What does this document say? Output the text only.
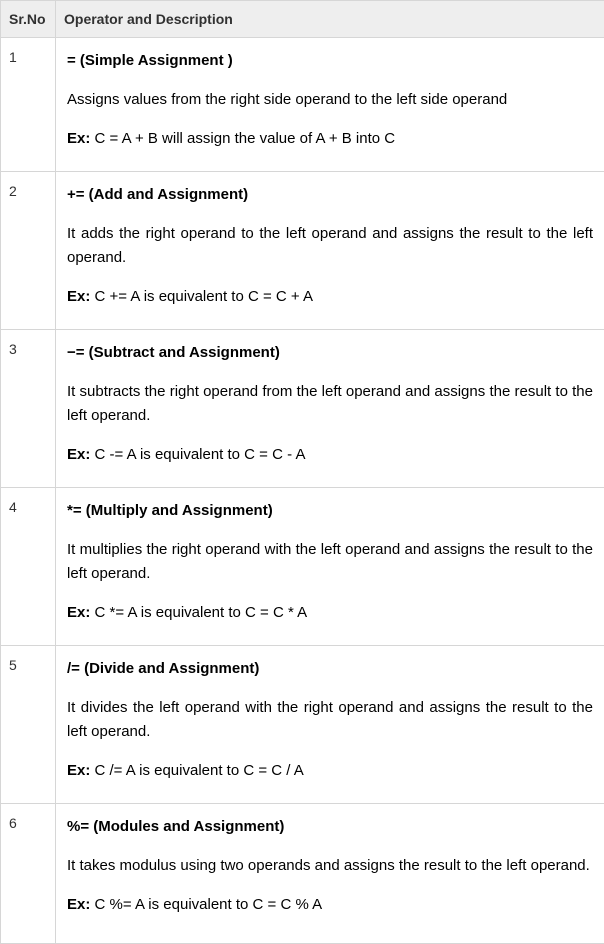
Sr.No	Operator and Description
1	= (Simple Assignment )

Assigns values from the right side operand to the left side operand

Ex: C = A + B will assign the value of A + B into C

2	+= (Add and Assignment)

It adds the right operand to the left operand and assigns the result to the left operand.

Ex: C += A is equivalent to C = C + A

3	−= (Subtract and Assignment)

It subtracts the right operand from the left operand and assigns the result to the left operand.

Ex: C -= A is equivalent to C = C - A

4	*= (Multiply and Assignment)

It multiplies the right operand with the left operand and assigns the result to the left operand.

Ex: C *= A is equivalent to C = C * A

5	/= (Divide and Assignment)

It divides the left operand with the right operand and assigns the result to the left operand.

Ex: C /= A is equivalent to C = C / A

6	%= (Modules and Assignment)

It takes modulus using two operands and assigns the result to the left operand.

Ex: C %= A is equivalent to C = C % A
